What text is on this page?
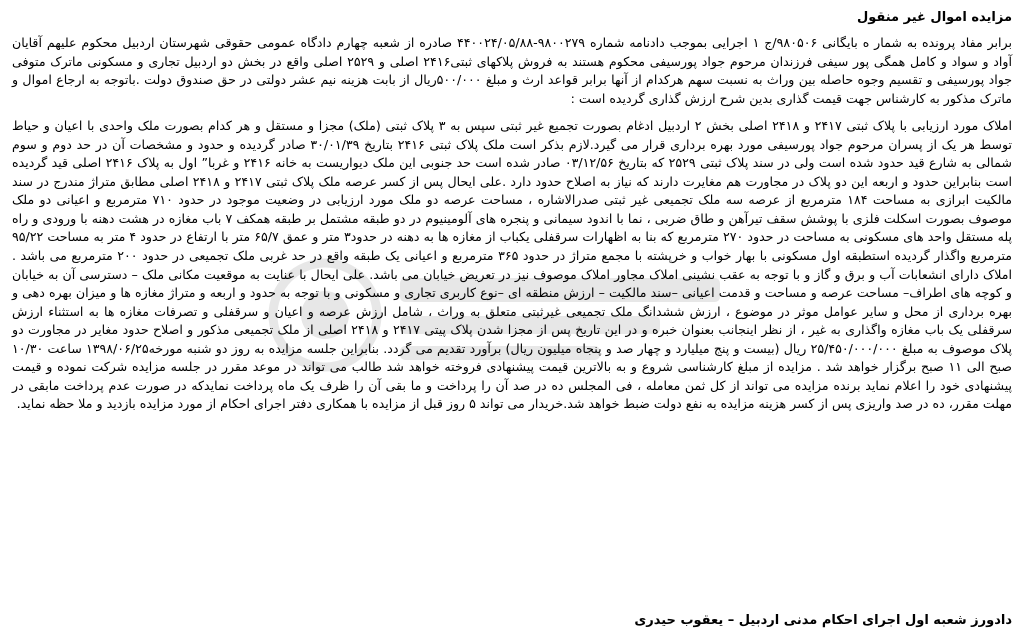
مزایده اموال غیر منقول

برابر مفاد پرونده به شمار ه بایگانی ۹۸۰۵۰۶/ج ۱ اجرایی بموجب دادنامه شماره ۹۸۰۰۲۷۹-۴۴۰۰۲۴/۰۵/۸۸ صادره از شعبه چهارم دادگاه عمومی حقوقی شهرستان اردبیل محکوم علیهم آقایان آواد و سواد و کامل همگی پور سیفی فرزندان مرحوم جواد پورسیفی محکوم هستند به فروش پلاکهای ثبتی۲۴۱۶ اصلی و ۲۵۲۹ اصلی واقع در بخش دو اردبیل تجاری و مسکونی ماترک متوفی جواد پورسیفی و تقسیم وجوه حاصله بین وراث به نسبت سهم هرکدام از آنها برابر قواعد ارث و مبلغ ۵۰۰/۰۰۰ریال از بابت هزینه نیم عشر دولتی در حق صندوق دولت .باتوجه به ارجاع اموال و ماترک مذکور به کارشناس جهت قیمت گذاری بدین شرح ارزش گذاری گردیده است :

املاک مورد ارزیابی با پلاک ثبتی ۲۴۱۷ و ۲۴۱۸ اصلی بخش ۲ اردبیل ادغام بصورت تجمیع غیر ثبتی سپس به ۳ پلاک ثبتی (ملک) مجزا و مستقل و هر کدام بصورت ملک واحدی با اعیان و حیاط توسط هر یک از پسران مرحوم جواد پورسیفی مورد بهره برداری قرار می گیرد.لازم بذکر است ملک پلاک ثبتی ۲۴۱۶ بتاریخ ۳۰/۰۱/۳۹ صادر گردیده و حدود و مشخصات آن در حد دوم و سوم شمالی به شارع قید حدود شده است ولی در سند پلاک ثبتی ۲۵۲۹ که بتاریخ ۰۳/۱۲/۵۶ صادر شده است حد جنوبی این ملک دیواریست به خانه ۲۴۱۶ و غربا” اول به پلاک ۲۴۱۶ اصلی قید گردیده است بنابراین حدود و اربعه این دو پلاک در مجاورت هم مغایرت دارند که نیاز به اصلاح حدود دارد .علی ایحال پس از کسر عرصه ملک پلاک ثبتی ۲۴۱۷ و ۲۴۱۸ اصلی مطابق متراژ مندرج در سند مالکیت ابرازی به مساحت ۱۸۴ مترمربع از عرصه سه ملک تجمیعی غیر ثبتی صدرالاشاره ، مساحت عرصه دو ملک مورد ارزیابی در وضعیت موجود در حدود ۷۱۰ مترمربع و اعیانی دو ملک موصوف بصورت اسکلت فلزی با پوشش سقف تیرآهن و طاق ضربی ، نما با اندود سیمانی و پنجره های آلومینیوم در دو طبقه مشتمل بر طبقه همکف ۷ باب مغازه در هشت دهنه با ورودی و راه پله مستقل واحد های مسکونی به مساحت در حدود ۲۷۰ مترمربع که بنا به اظهارات سرقفلی یکباب از مغازه ها به دهنه در حدود۳ متر و عمق ۶۵/۷ متر با ارتفاع در حدود ۴ متر به مساحت ۹۵/۲۲ مترمربع واگذار گردیده استطبقه اول مسکونی با بهار خواب و خرپشته با مجمع متراژ در حدود ۳۶۵ مترمربع و اعیانی یک طبقه واقع در حد غربی ملک تجمیعی در حدود ۲۰۰ مترمربع می باشد . املاک دارای انشعابات آب و برق و گاز و با توجه به عقب نشینی املاک مجاور املاک موصوف نیز در تعریض خیابان می باشد. علی ایحال با عنایت به موقعیت مکانی ملک – دسترسی آن به خیابان و کوچه های اطراف– مساحت عرصه و مساحت و قدمت اعیانی –سند مالکیت – ارزش منطقه ای –نوع کاربری تجاری و مسکونی و با توجه به حدود و اربعه و متراژ مغازه ها و میزان بهره دهی و بهره برداری از محل و سایر عوامل موثر در موضوع ، ارزش ششدانگ ملک تجمیعی غیرثبتی متعلق به وراث ، شامل ارزش عرصه و اعیان و سرقفلی و تصرفات مغازه ها به استثناء ارزش سرقفلی یک باب مغازه واگذاری به غیر ، از نظر اینجانب بعنوان خبره و در این تاریخ پس از مجزا شدن پلاک پیتی ۲۴۱۷ و ۲۴۱۸ اصلی از ملک تجمیعی مذکور و اصلاح حدود مغایر در مجاورت دو پلاک موصوف به مبلغ ۲۵/۴۵۰/۰۰۰/۰۰۰ ریال (بیست و پنج میلیارد و چهار صد و پنجاه میلیون ریال) برآورد تقدیم می گردد. بنابراین جلسه مزایده به روز دو شنبه مورخه۱۳۹۸/۰۶/۲۵ ساعت ۱۰/۳۰ صبح الی ۱۱ صبح برگزار خواهد شد . مزایده از مبلغ کارشناسی شروع و به بالاترین قیمت پیشنهادی فروخته خواهد شد طالب می تواند در موعد مقرر در جلسه مزایده شرکت نموده و قیمت پیشنهادی خود را اعلام نماید برنده مزایده می تواند از کل ثمن معامله ، فی المجلس ده در صد آن را پرداخت و ما بقی آن را ظرف یک ماه پرداخت نمایدکه در صورت عدم پرداخت مابقی در مهلت مقرر، ده در صد واریزی پس از کسر هزینه مزایده به نفع دولت ضبط خواهد شد.خریدار می تواند ۵ روز قبل از مزایده با همکاری دفتر اجرای احکام از مورد مزایده بازدید و ملا حظه نماید.

دادورز شعبه اول اجرای احکام مدنی اردبیل – یعقوب حیدری
